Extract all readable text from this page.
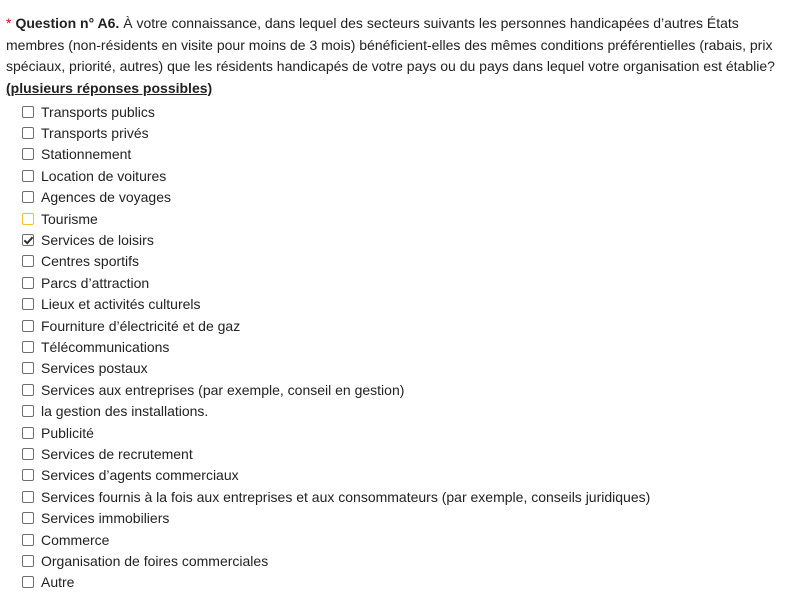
* Question n° A6. À votre connaissance, dans lequel des secteurs suivants les personnes handicapées d’autres États membres (non-résidents en visite pour moins de 3 mois) bénéficient-elles des mêmes conditions préférentielles (rabais, prix spéciaux, priorité, autres) que les résidents handicapés de votre pays ou du pays dans lequel votre organisation est établie? (plusieurs réponses possibles)
Transports publics
Transports privés
Stationnement
Location de voitures
Agences de voyages
Tourisme
Services de loisirs
Centres sportifs
Parcs d’attraction
Lieux et activités culturels
Fourniture d’électricité et de gaz
Télécommunications
Services postaux
Services aux entreprises (par exemple, conseil en gestion)
la gestion des installations.
Publicité
Services de recrutement
Services d’agents commerciaux
Services fournis à la fois aux entreprises et aux consommateurs (par exemple, conseils juridiques)
Services immobiliers
Commerce
Organisation de foires commerciales
Autre
